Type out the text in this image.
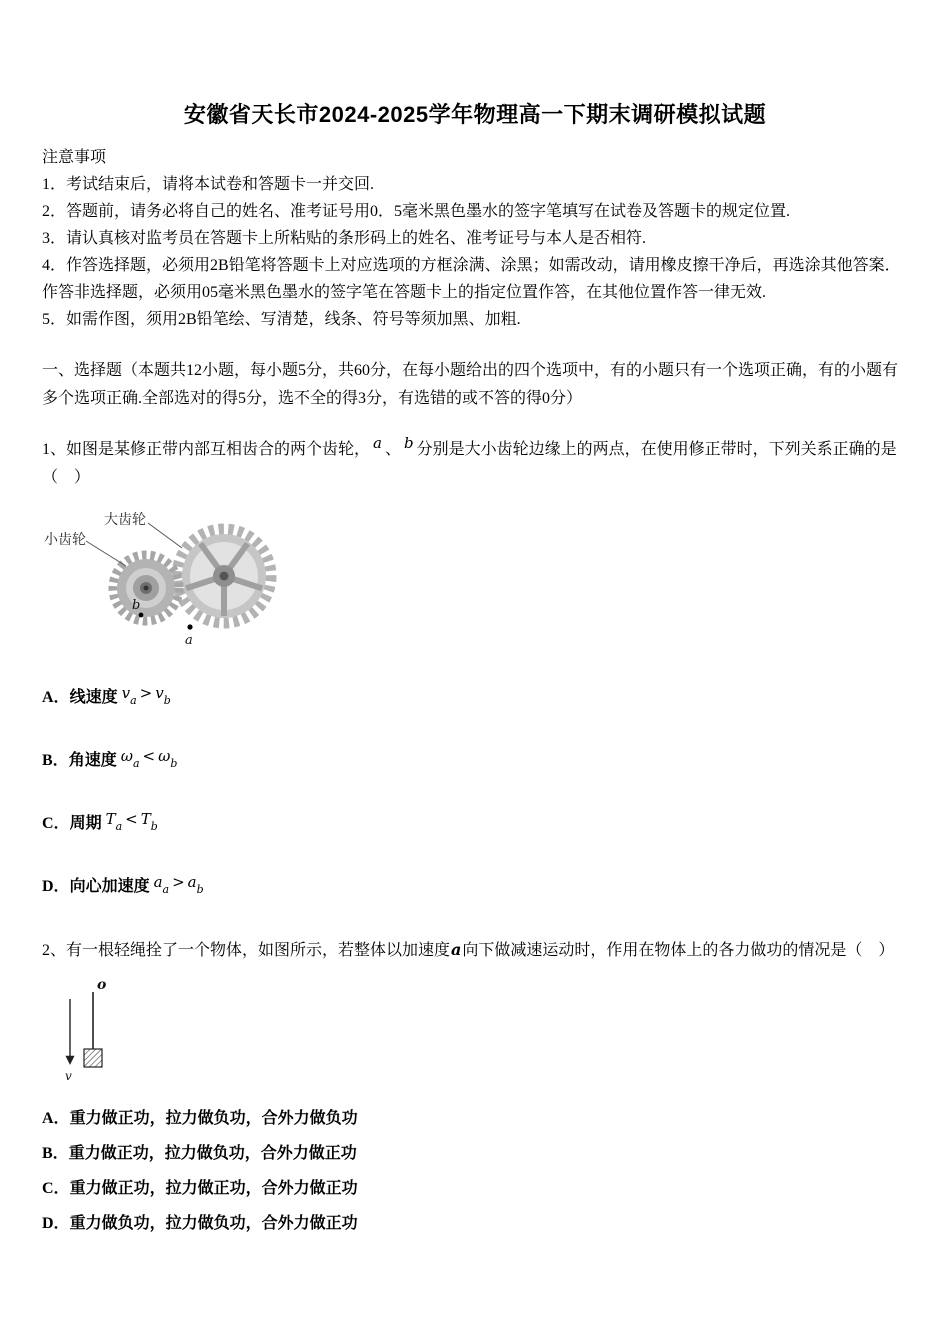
安徽省天长市2024-2025学年物理高一下期末调研模拟试题
注意事项

1．考试结束后，请将本试卷和答题卡一并交回.

2．答题前，请务必将自己的姓名、准考证号用0．5毫米黑色墨水的签字笔填写在试卷及答题卡的规定位置.

3．请认真核对监考员在答题卡上所粘贴的条形码上的姓名、准考证号与本人是否相符.

4．作答选择题，必须用2B铅笔将答题卡上对应选项的方框涂满、涂黑；如需改动，请用橡皮擦干净后，再选涂其他答案．作答非选择题，必须用05毫米黑色墨水的签字笔在答题卡上的指定位置作答，在其他位置作答一律无效.

5．如需作图，须用2B铅笔绘、写清楚，线条、符号等须加黑、加粗.

一、选择题（本题共12小题，每小题5分，共60分，在每小题给出的四个选项中，有的小题只有一个选项正确，有的小题有多个选项正确.全部选对的得5分，选不全的得3分，有选错的或不答的得0分）

1、如图是某修正带内部互相齿合的两个齿轮， a 、 b 分别是大小齿轮边缘上的两点，在使用修正带时，下列关系正确的是（　）

大齿轮
小齿轮
b
a
A．线速度 $v_a > v_b$
B．角速度 $\omega_a < \omega_b$
C．周期 $T_a < T_b$
D．向心加速度 $a_a > a_b$

2、有一根轻绳拴了一个物体，如图所示，若整体以加速度a向下做减速运动时，作用在物体上的各力做功的情况是（　）

o
v
A．重力做正功，拉力做负功，合外力做负功
B．重力做正功，拉力做负功，合外力做正功
C．重力做正功，拉力做正功，合外力做正功
D．重力做负功，拉力做负功，合外力做正功
